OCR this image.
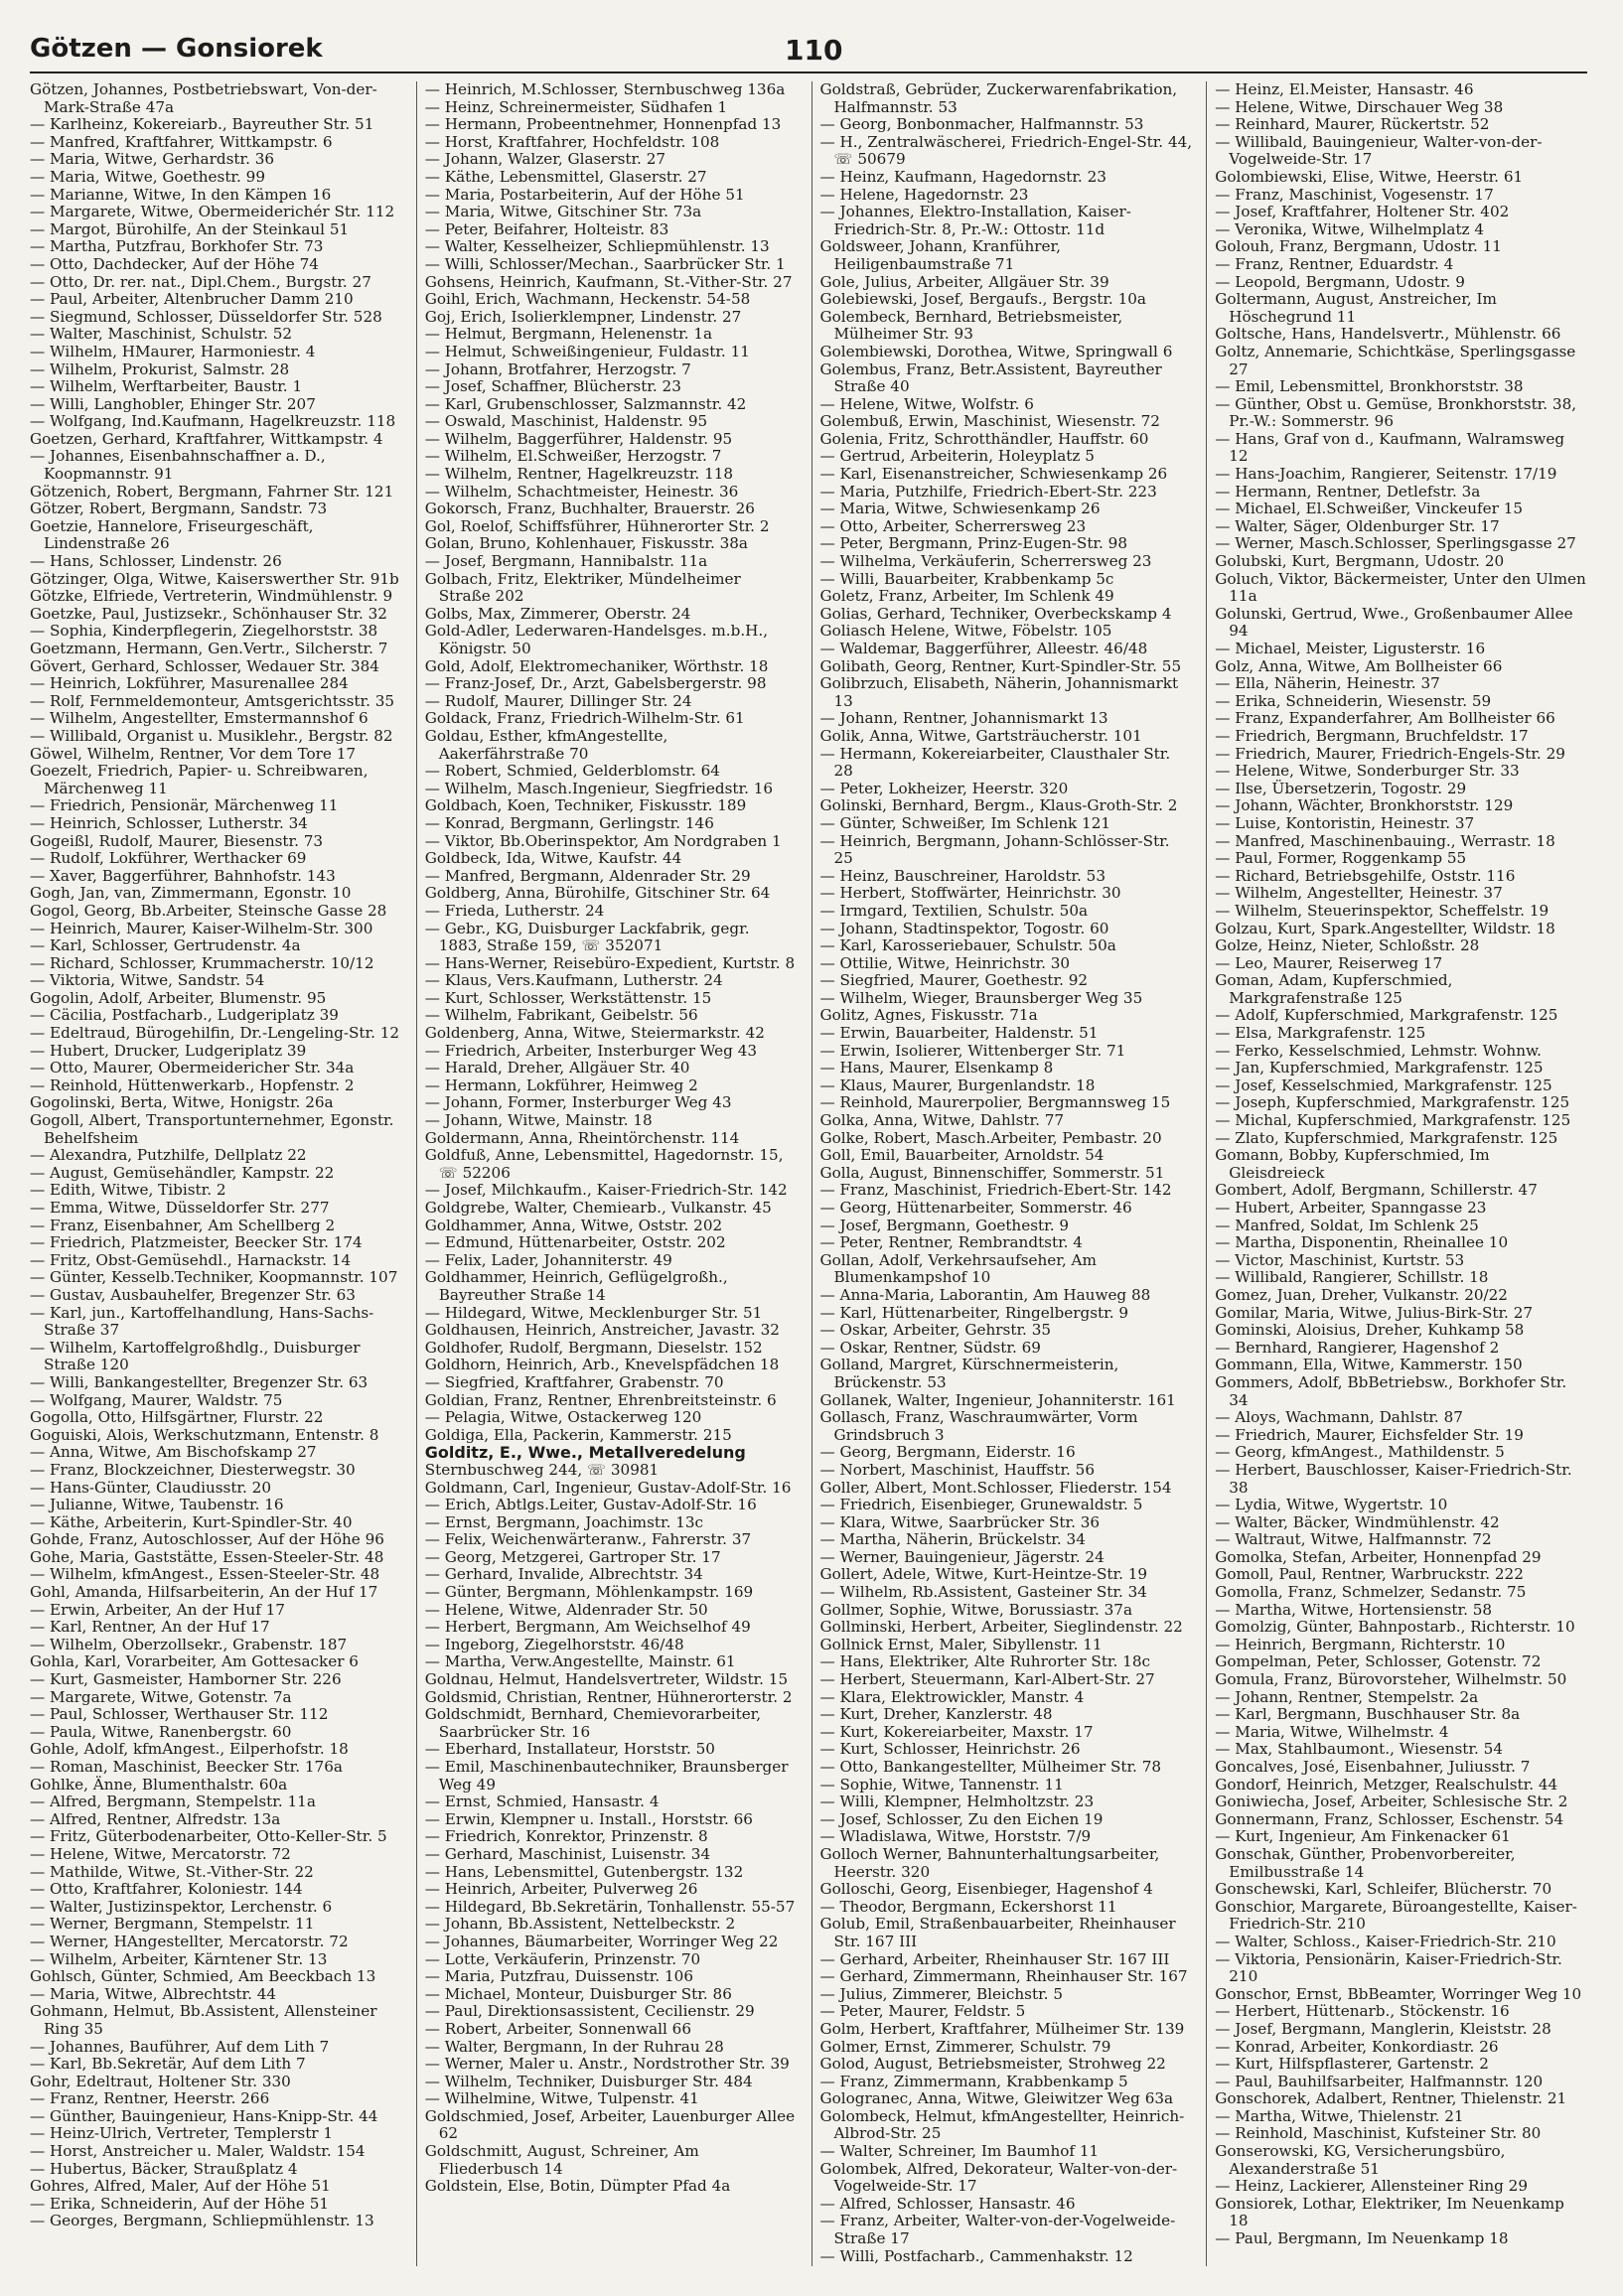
Götzen — Gonsiorek	110
Götzen, Johannes, Postbetriebswart, Von-der-Mark-Straße 47a
— Karlheinz, Kokereiarb., Bayreuther Str. 51
— Manfred, Kraftfahrer, Wittkampstr. 6
— Maria, Witwe, Gerhardstr. 36
— Maria, Witwe, Goethestr. 99
— Marianne, Witwe, In den Kämpen 16
— Margarete, Witwe, Obermeiderichér Str. 112
— Margot, Bürohilfe, An der Steinkaul 51
— Martha, Putzfrau, Borkhofer Str. 73
— Otto, Dachdecker, Auf der Höhe 74
— Otto, Dr. rer. nat., Dipl.Chem., Burgstr. 27
— Paul, Arbeiter, Altenbrucher Damm 210
— Siegmund, Schlosser, Düsseldorfer Str. 528
— Walter, Maschinist, Schulstr. 52
— Wilhelm, HMaurer, Harmoniestr. 4
— Wilhelm, Prokurist, Salmstr. 28
— Wilhelm, Werftarbeiter, Baustr. 1
— Willi, Langhobler, Ehinger Str. 207
— Wolfgang, Ind.Kaufmann, Hagelkreuzstr. 118
Goetzen, Gerhard, Kraftfahrer, Wittkampstr. 4
— Johannes, Eisenbahnschaffner a. D., Koopmannstr. 91
Götzenich, Robert, Bergmann, Fahrner Str. 121
Götzer, Robert, Bergmann, Sandstr. 73
Goetzie, Hannelore, Friseurgeschäft, Lindenstraße 26
— Hans, Schlosser, Lindenstr. 26
Götzinger, Olga, Witwe, Kaiserswerther Str. 91b
Götzke, Elfriede, Vertreterin, Windmühlenstr. 9
Goetzke, Paul, Justizsekr., Schönhauser Str. 32
— Sophia, Kinderpflegerin, Ziegelhorststr. 38
Goetzmann, Hermann, Gen.Vertr., Silcherstr. 7
Gövert, Gerhard, Schlosser, Wedauer Str. 384
— Heinrich, Lokführer, Masurenallee 284
— Rolf, Fernmeldemonteur, Amtsgerichtsstr. 35
— Wilhelm, Angestellter, Emstermannshof 6
— Willibald, Organist u. Musiklehr., Bergstr. 82
Göwel, Wilhelm, Rentner, Vor dem Tore 17
Goezelt, Friedrich, Papier- u. Schreibwaren, Märchenweg 11
— Friedrich, Pensionär, Märchenweg 11
— Heinrich, Schlosser, Lutherstr. 34
Gogeißl, Rudolf, Maurer, Biesenstr. 73
— Rudolf, Lokführer, Werthacker 69
— Xaver, Baggerführer, Bahnhofstr. 143
Gogh, Jan, van, Zimmermann, Egonstr. 10
Gogol, Georg, Bb.Arbeiter, Steinsche Gasse 28
— Heinrich, Maurer, Kaiser-Wilhelm-Str. 300
— Karl, Schlosser, Gertrudenstr. 4a
— Richard, Schlosser, Krummacherstr. 10/12
— Viktoria, Witwe, Sandstr. 54
Gogolin, Adolf, Arbeiter, Blumenstr. 95
— Cäcilia, Postfacharb., Ludgeriplatz 39
— Edeltraud, Bürogehilfin, Dr.-Lengeling-Str. 12
— Hubert, Drucker, Ludgeriplatz 39
— Otto, Maurer, Obermeidericher Str. 34a
— Reinhold, Hüttenwerkarb., Hopfenstr. 2
Gogolinski, Berta, Witwe, Honigstr. 26a
Gogoll, Albert, Transportunternehmer, Egonstr. Behelfsheim
— Alexandra, Putzhilfe, Dellplatz 22
— August, Gemüsehändler, Kampstr. 22
— Edith, Witwe, Tibistr. 2
— Emma, Witwe, Düsseldorfer Str. 277
— Franz, Eisenbahner, Am Schellberg 2
— Friedrich, Platzmeister, Beecker Str. 174
— Fritz, Obst-Gemüsehdl., Harnackstr. 14
— Günter, Kesselb.Techniker, Koopmannstr. 107
— Gustav, Ausbauhelfer, Bregenzer Str. 63
— Karl, jun., Kartoffelhandlung, Hans-Sachs-Straße 37
— Wilhelm, Kartoffelgroßhdlg., Duisburger Straße 120
— Willi, Bankangestellter, Bregenzer Str. 63
— Wolfgang, Maurer, Waldstr. 75
Gogolla, Otto, Hilfsgärtner, Flurstr. 22
Goguiski, Alois, Werkschutzmann, Entenstr. 8
— Anna, Witwe, Am Bischofskamp 27
— Franz, Blockzeichner, Diesterwegstr. 30
— Hans-Günter, Claudiusstr. 20
— Julianne, Witwe, Taubenstr. 16
— Käthe, Arbeiterin, Kurt-Spindler-Str. 40
Gohde, Franz, Autoschlosser, Auf der Höhe 96
Gohe, Maria, Gaststätte, Essen-Steeler-Str. 48
— Wilhelm, kfmAngest., Essen-Steeler-Str. 48
Gohl, Amanda, Hilfsarbeiterin, An der Huf 17
— Erwin, Arbeiter, An der Huf 17
— Karl, Rentner, An der Huf 17
— Wilhelm, Oberzollsekr., Grabenstr. 187
Gohla, Karl, Vorarbeiter, Am Gottesacker 6
— Kurt, Gasmeister, Hamborner Str. 226
— Margarete, Witwe, Gotenstr. 7a
— Paul, Schlosser, Werthauser Str. 112
— Paula, Witwe, Ranenbergstr. 60
Gohle, Adolf, kfmAngest., Eilperhofstr. 18
— Roman, Maschinist, Beecker Str. 176a
Gohlke, Änne, Blumenthalstr. 60a
— Alfred, Bergmann, Stempelstr. 11a
— Alfred, Rentner, Alfredstr. 13a
— Fritz, Güterbodenarbeiter, Otto-Keller-Str. 5
— Helene, Witwe, Mercatorstr. 72
— Mathilde, Witwe, St.-Vither-Str. 22
— Otto, Kraftfahrer, Koloniestr. 144
— Walter, Justizinspektor, Lerchenstr. 6
— Werner, Bergmann, Stempelstr. 11
— Werner, HAngestellter, Mercatorstr. 72
— Wilhelm, Arbeiter, Kärntener Str. 13
Gohlsch, Günter, Schmied, Am Beeckbach 13
— Maria, Witwe, Albrechtstr. 44
Gohmann, Helmut, Bb.Assistent, Allensteiner Ring 35
— Johannes, Bauführer, Auf dem Lith 7
— Karl, Bb.Sekretär, Auf dem Lith 7
Gohr, Edeltraut, Holtener Str. 330
— Franz, Rentner, Heerstr. 266
— Günther, Bauingenieur, Hans-Knipp-Str. 44
— Heinz-Ulrich, Vertreter, Templerstr 1
— Horst, Anstreicher u. Maler, Waldstr. 154
— Hubertus, Bäcker, Straußplatz 4
Gohres, Alfred, Maler, Auf der Höhe 51
— Erika, Schneiderin, Auf der Höhe 51
— Georges, Bergmann, Schliepmühlenstr. 13
— Heinrich, M.Schlosser, Sternbuschweg 136a
— Heinz, Schreinermeister, Südhafen 1
— Hermann, Probeentnehmer, Honnenpfad 13
— Horst, Kraftfahrer, Hochfeldstr. 108
— Johann, Walzer, Glaserstr. 27
— Käthe, Lebensmittel, Glaserstr. 27
— Maria, Postarbeiterin, Auf der Höhe 51
— Maria, Witwe, Gitschiner Str. 73a
— Peter, Beifahrer, Holteistr. 83
— Walter, Kesselheizer, Schliepmühlenstr. 13
— Willi, Schlosser/Mechan., Saarbrücker Str. 1
Gohsens, Heinrich, Kaufmann, St.-Vither-Str. 27
Goihl, Erich, Wachmann, Heckenstr. 54-58
Goj, Erich, Isolierklempner, Lindenstr. 27
— Helmut, Bergmann, Helenenstr. 1a
— Helmut, Schweißingenieur, Fuldastr. 11
— Johann, Brotfahrer, Herzogstr. 7
— Josef, Schaffner, Blücherstr. 23
— Karl, Grubenschlosser, Salzmannstr. 42
— Oswald, Maschinist, Haldenstr. 95
— Wilhelm, Baggerführer, Haldenstr. 95
— Wilhelm, El.Schweißer, Herzogstr. 7
— Wilhelm, Rentner, Hagelkreuzstr. 118
— Wilhelm, Schachtmeister, Heinestr. 36
Gokorsch, Franz, Buchhalter, Brauerstr. 26
Gol, Roelof, Schiffsführer, Hühnerorter Str. 2
Golan, Bruno, Kohlenhauer, Fiskusstr. 38a
— Josef, Bergmann, Hannibalstr. 11a
Golbach, Fritz, Elektriker, Mündelheimer Straße 202
Golbs, Max, Zimmerer, Oberstr. 24
Gold-Adler, Lederwaren-Handelsges. m.b.H., Königstr. 50
Gold, Adolf, Elektromechaniker, Wörthstr. 18
— Franz-Josef, Dr., Arzt, Gabelsbergerstr. 98
— Rudolf, Maurer, Dillinger Str. 24
Goldack, Franz, Friedrich-Wilhelm-Str. 61
Goldau, Esther, kfmAngestellte, Aakerfährstraße 70
— Robert, Schmied, Gelderblomstr. 64
— Wilhelm, Masch.Ingenieur, Siegfriedstr. 16
Goldbach, Koen, Techniker, Fiskusstr. 189
— Konrad, Bergmann, Gerlingstr. 146
— Viktor, Bb.Oberinspektor, Am Nordgraben 1
Goldbeck, Ida, Witwe, Kaufstr. 44
— Manfred, Bergmann, Aldenrader Str. 29
Goldberg, Anna, Bürohilfe, Gitschiner Str. 64
— Frieda, Lutherstr. 24
— Gebr., KG, Duisburger Lackfabrik, gegr. 1883, Straße 159, ☏ 352071
— Hans-Werner, Reisebüro-Expedient, Kurtstr. 8
— Klaus, Vers.Kaufmann, Lutherstr. 24
— Kurt, Schlosser, Werkstättenstr. 15
— Wilhelm, Fabrikant, Geibelstr. 56
Goldenberg, Anna, Witwe, Steiermarkstr. 42
— Friedrich, Arbeiter, Insterburger Weg 43
— Harald, Dreher, Allgäuer Str. 40
— Hermann, Lokführer, Heimweg 2
— Johann, Former, Insterburger Weg 43
— Johann, Witwe, Mainstr. 18
Goldermann, Anna, Rheintörchenstr. 114
Goldfuß, Anne, Lebensmittel, Hagedornstr. 15, ☏ 52206
— Josef, Milchkaufm., Kaiser-Friedrich-Str. 142
Goldgrebe, Walter, Chemiearb., Vulkanstr. 45
Goldhammer, Anna, Witwe, Oststr. 202
— Edmund, Hüttenarbeiter, Oststr. 202
— Felix, Lader, Johanniterstr. 49
Goldhammer, Heinrich, Geflügelgroßh., Bayreuther Straße 14
— Hildegard, Witwe, Mecklenburger Str. 51
Goldhausen, Heinrich, Anstreicher, Javastr. 32
Goldhofer, Rudolf, Bergmann, Dieselstr. 152
Goldhorn, Heinrich, Arb., Knevelspfädchen 18
— Siegfried, Kraftfahrer, Grabenstr. 70
Goldian, Franz, Rentner, Ehrenbreitsteinstr. 6
— Pelagia, Witwe, Ostackerweg 120
Goldiga, Ella, Packerin, Kammerstr. 215
Golditz, E., Wwe., Metallveredelung
Sternbuschweg 244, ☏ 30981
Goldmann, Carl, Ingenieur, Gustav-Adolf-Str. 16
— Erich, Abtlgs.Leiter, Gustav-Adolf-Str. 16
— Ernst, Bergmann, Joachimstr. 13c
— Felix, Weichenwärteranw., Fahrerstr. 37
— Georg, Metzgerei, Gartroper Str. 17
— Gerhard, Invalide, Albrechtstr. 34
— Günter, Bergmann, Möhlenkampstr. 169
— Helene, Witwe, Aldenrader Str. 50
— Herbert, Bergmann, Am Weichselhof 49
— Ingeborg, Ziegelhorststr. 46/48
— Martha, Verw.Angestellte, Mainstr. 61
Goldnau, Helmut, Handelsvertreter, Wildstr. 15
Goldsmid, Christian, Rentner, Hühnerorterstr. 2
Goldschmidt, Bernhard, Chemievorarbeiter, Saarbrücker Str. 16
— Eberhard, Installateur, Horststr. 50
— Emil, Maschinenbautechniker, Braunsberger Weg 49
— Ernst, Schmied, Hansastr. 4
— Erwin, Klempner u. Install., Horststr. 66
— Friedrich, Konrektor, Prinzenstr. 8
— Gerhard, Maschinist, Luisenstr. 34
— Hans, Lebensmittel, Gutenbergstr. 132
— Heinrich, Arbeiter, Pulverweg 26
— Hildegard, Bb.Sekretärin, Tonhallenstr. 55-57
— Johann, Bb.Assistent, Nettelbeckstr. 2
— Johannes, Bäumarbeiter, Worringer Weg 22
— Lotte, Verkäuferin, Prinzenstr. 70
— Maria, Putzfrau, Duissenstr. 106
— Michael, Monteur, Duisburger Str. 86
— Paul, Direktionsassistent, Cecilienstr. 29
— Robert, Arbeiter, Sonnenwall 66
— Walter, Bergmann, In der Ruhrau 28
— Werner, Maler u. Anstr., Nordstrother Str. 39
— Wilhelm, Techniker, Duisburger Str. 484
— Wilhelmine, Witwe, Tulpenstr. 41
Goldschmied, Josef, Arbeiter, Lauenburger Allee 62
Goldschmitt, August, Schreiner, Am Fliederbusch 14
Goldstein, Else, Botin, Dümpter Pfad 4a
Goldstraß, Gebrüder, Zuckerwarenfabrikation, Halfmannstr. 53
— Georg, Bonbonmacher, Halfmannstr. 53
— H., Zentralwäscherei, Friedrich-Engel-Str. 44, ☏ 50679
— Heinz, Kaufmann, Hagedornstr. 23
— Helene, Hagedornstr. 23
— Johannes, Elektro-Installation, Kaiser-Friedrich-Str. 8, Pr.-W.: Ottostr. 11d
Goldsweer, Johann, Kranführer, Heiligenbaumstraße 71
Gole, Julius, Arbeiter, Allgäuer Str. 39
Golebiewski, Josef, Bergaufs., Bergstr. 10a
Golembeck, Bernhard, Betriebsmeister, Mülheimer Str. 93
Golembiewski, Dorothea, Witwe, Springwall 6
Golembus, Franz, Betr.Assistent, Bayreuther Straße 40
— Helene, Witwe, Wolfstr. 6
Golembuß, Erwin, Maschinist, Wiesenstr. 72
Golenia, Fritz, Schrotthändler, Hauffstr. 60
— Gertrud, Arbeiterin, Holeyplatz 5
— Karl, Eisenanstreicher, Schwiesenkamp 26
— Maria, Putzhilfe, Friedrich-Ebert-Str. 223
— Maria, Witwe, Schwiesenkamp 26
— Otto, Arbeiter, Scherrersweg 23
— Peter, Bergmann, Prinz-Eugen-Str. 98
— Wilhelma, Verkäuferin, Scherrersweg 23
— Willi, Bauarbeiter, Krabbenkamp 5c
Goletz, Franz, Arbeiter, Im Schlenk 49
Golias, Gerhard, Techniker, Overbeckskamp 4
Goliasch Helene, Witwe, Föbelstr. 105
— Waldemar, Baggerführer, Alleestr. 46/48
Golibath, Georg, Rentner, Kurt-Spindler-Str. 55
Golibrzuch, Elisabeth, Näherin, Johannismarkt 13
— Johann, Rentner, Johannismarkt 13
Golik, Anna, Witwe, Gartsträucherstr. 101
— Hermann, Kokereiarbeiter, Clausthaler Str. 28
— Peter, Lokheizer, Heerstr. 320
Golinski, Bernhard, Bergm., Klaus-Groth-Str. 2
— Günter, Schweißer, Im Schlenk 121
— Heinrich, Bergmann, Johann-Schlösser-Str. 25
— Heinz, Bauschreiner, Haroldstr. 53
— Herbert, Stoffwärter, Heinrichstr. 30
— Irmgard, Textilien, Schulstr. 50a
— Johann, Stadtinspektor, Togostr. 60
— Karl, Karosseriebauer, Schulstr. 50a
— Ottilie, Witwe, Heinrichstr. 30
— Siegfried, Maurer, Goethestr. 92
— Wilhelm, Wieger, Braunsberger Weg 35
Golitz, Agnes, Fiskusstr. 71a
— Erwin, Bauarbeiter, Haldenstr. 51
— Erwin, Isolierer, Wittenberger Str. 71
— Hans, Maurer, Elsenkamp 8
— Klaus, Maurer, Burgenlandstr. 18
— Reinhold, Maurerpolier, Bergmannsweg 15
Golka, Anna, Witwe, Dahlstr. 77
Golke, Robert, Masch.Arbeiter, Pembastr. 20
Goll, Emil, Bauarbeiter, Arnoldstr. 54
Golla, August, Binnenschiffer, Sommerstr. 51
— Franz, Maschinist, Friedrich-Ebert-Str. 142
— Georg, Hüttenarbeiter, Sommerstr. 46
— Josef, Bergmann, Goethestr. 9
— Peter, Rentner, Rembrandtstr. 4
Gollan, Adolf, Verkehrsaufseher, Am Blumenkampshof 10
— Anna-Maria, Laborantin, Am Hauweg 88
— Karl, Hüttenarbeiter, Ringelbergstr. 9
— Oskar, Arbeiter, Gehrstr. 35
— Oskar, Rentner, Südstr. 69
Golland, Margret, Kürschnermeisterin, Brückenstr. 53
Gollanek, Walter, Ingenieur, Johanniterstr. 161
Gollasch, Franz, Waschraumwärter, Vorm Grindsbruch 3
— Georg, Bergmann, Eiderstr. 16
— Norbert, Maschinist, Hauffstr. 56
Goller, Albert, Mont.Schlosser, Fliederstr. 154
— Friedrich, Eisenbieger, Grunewaldstr. 5
— Klara, Witwe, Saarbrücker Str. 36
— Martha, Näherin, Brückelstr. 34
— Werner, Bauingenieur, Jägerstr. 24
Gollert, Adele, Witwe, Kurt-Heintze-Str. 19
— Wilhelm, Rb.Assistent, Gasteiner Str. 34
Gollmer, Sophie, Witwe, Borussiastr. 37a
Gollminski, Herbert, Arbeiter, Sieglindenstr. 22
Gollnick Ernst, Maler, Sibyllenstr. 11
— Hans, Elektriker, Alte Ruhrorter Str. 18c
— Herbert, Steuermann, Karl-Albert-Str. 27
— Klara, Elektrowickler, Manstr. 4
— Kurt, Dreher, Kanzlerstr. 48
— Kurt, Kokereiarbeiter, Maxstr. 17
— Kurt, Schlosser, Heinrichstr. 26
— Otto, Bankangestellter, Mülheimer Str. 78
— Sophie, Witwe, Tannenstr. 11
— Willi, Klempner, Helmholtzstr. 23
— Josef, Schlosser, Zu den Eichen 19
— Wladislawa, Witwe, Horststr. 7/9
Golloch Werner, Bahnunterhaltungsarbeiter, Heerstr. 320
Golloschi, Georg, Eisenbieger, Hagenshof 4
— Theodor, Bergmann, Eckershorst 11
Golub, Emil, Straßenbauarbeiter, Rheinhauser Str. 167 III
— Gerhard, Arbeiter, Rheinhauser Str. 167 III
— Gerhard, Zimmermann, Rheinhauser Str. 167
— Julius, Zimmerer, Bleichstr. 5
— Peter, Maurer, Feldstr. 5
Golm, Herbert, Kraftfahrer, Mülheimer Str. 139
Golmer, Ernst, Zimmerer, Schulstr. 79
Golod, August, Betriebsmeister, Strohweg 22
— Franz, Zimmermann, Krabbenkamp 5
Gologranec, Anna, Witwe, Gleiwitzer Weg 63a
Golombeck, Helmut, kfmAngestellter, Heinrich-Albrod-Str. 25
— Walter, Schreiner, Im Baumhof 11
Golombek, Alfred, Dekorateur, Walter-von-der-Vogelweide-Str. 17
— Alfred, Schlosser, Hansastr. 46
— Franz, Arbeiter, Walter-von-der-Vogelweide-Straße 17
— Willi, Postfacharb., Cammenhakstr. 12
— Heinz, El.Meister, Hansastr. 46
— Helene, Witwe, Dirschauer Weg 38
— Reinhard, Maurer, Rückertstr. 52
— Willibald, Bauingenieur, Walter-von-der-Vogelweide-Str. 17
Golombiewski, Elise, Witwe, Heerstr. 61
— Franz, Maschinist, Vogesenstr. 17
— Josef, Kraftfahrer, Holtener Str. 402
— Veronika, Witwe, Wilhelmplatz 4
Golouh, Franz, Bergmann, Udostr. 11
— Franz, Rentner, Eduardstr. 4
— Leopold, Bergmann, Udostr. 9
Goltermann, August, Anstreicher, Im Höschegrund 11
Goltsche, Hans, Handelsvertr., Mühlenstr. 66
Goltz, Annemarie, Schichtkäse, Sperlingsgasse 27
— Emil, Lebensmittel, Bronkhorststr. 38
— Günther, Obst u. Gemüse, Bronkhorststr. 38, Pr.-W.: Sommerstr. 96
— Hans, Graf von d., Kaufmann, Walramsweg 12
— Hans-Joachim, Rangierer, Seitenstr. 17/19
— Hermann, Rentner, Detlefstr. 3a
— Michael, El.Schweißer, Vinckeufer 15
— Walter, Säger, Oldenburger Str. 17
— Werner, Masch.Schlosser, Sperlingsgasse 27
Golubski, Kurt, Bergmann, Udostr. 20
Goluch, Viktor, Bäckermeister, Unter den Ulmen 11a
Golunski, Gertrud, Wwe., Großenbaumer Allee 94
— Michael, Meister, Ligusterstr. 16
Golz, Anna, Witwe, Am Bollheister 66
— Ella, Näherin, Heinestr. 37
— Erika, Schneiderin, Wiesenstr. 59
— Franz, Expanderfahrer, Am Bollheister 66
— Friedrich, Bergmann, Bruchfeldstr. 17
— Friedrich, Maurer, Friedrich-Engels-Str. 29
— Helene, Witwe, Sonderburger Str. 33
— Ilse, Übersetzerin, Togostr. 29
— Johann, Wächter, Bronkhorststr. 129
— Luise, Kontoristin, Heinestr. 37
— Manfred, Maschinenbauing., Werrastr. 18
— Paul, Former, Roggenkamp 55
— Richard, Betriebsgehilfe, Oststr. 116
— Wilhelm, Angestellter, Heinestr. 37
— Wilhelm, Steuerinspektor, Scheffelstr. 19
Golzau, Kurt, Spark.Angestellter, Wildstr. 18
Golze, Heinz, Nieter, Schloßstr. 28
— Leo, Maurer, Reiserweg 17
Goman, Adam, Kupferschmied, Markgrafenstraße 125
— Adolf, Kupferschmied, Markgrafenstr. 125
— Elsa, Markgrafenstr. 125
— Ferko, Kesselschmied, Lehmstr. Wohnw.
— Jan, Kupferschmied, Markgrafenstr. 125
— Josef, Kesselschmied, Markgrafenstr. 125
— Joseph, Kupferschmied, Markgrafenstr. 125
— Michal, Kupferschmied, Markgrafenstr. 125
— Zlato, Kupferschmied, Markgrafenstr. 125
Gomann, Bobby, Kupferschmied, Im Gleisdreieck
Gombert, Adolf, Bergmann, Schillerstr. 47
— Hubert, Arbeiter, Spanngasse 23
— Manfred, Soldat, Im Schlenk 25
— Martha, Disponentin, Rheinallee 10
— Victor, Maschinist, Kurtstr. 53
— Willibald, Rangierer, Schillstr. 18
Gomez, Juan, Dreher, Vulkanstr. 20/22
Gomilar, Maria, Witwe, Julius-Birk-Str. 27
Gominski, Aloisius, Dreher, Kuhkamp 58
— Bernhard, Rangierer, Hagenshof 2
Gommann, Ella, Witwe, Kammerstr. 150
Gommers, Adolf, BbBetriebsw., Borkhofer Str. 34
— Aloys, Wachmann, Dahlstr. 87
— Friedrich, Maurer, Eichsfelder Str. 19
— Georg, kfmAngest., Mathildenstr. 5
— Herbert, Bauschlosser, Kaiser-Friedrich-Str. 38
— Lydia, Witwe, Wygertstr. 10
— Walter, Bäcker, Windmühlenstr. 42
— Waltraut, Witwe, Halfmannstr. 72
Gomolka, Stefan, Arbeiter, Honnenpfad 29
Gomoll, Paul, Rentner, Warbruckstr. 222
Gomolla, Franz, Schmelzer, Sedanstr. 75
— Martha, Witwe, Hortensienstr. 58
Gomolzig, Günter, Bahnpostarb., Richterstr. 10
— Heinrich, Bergmann, Richterstr. 10
Gompelman, Peter, Schlosser, Gotenstr. 72
Gomula, Franz, Bürovorsteher, Wilhelmstr. 50
— Johann, Rentner, Stempelstr. 2a
— Karl, Bergmann, Buschhauser Str. 8a
— Maria, Witwe, Wilhelmstr. 4
— Max, Stahlbaumont., Wiesenstr. 54
Goncalves, José, Eisenbahner, Juliusstr. 7
Gondorf, Heinrich, Metzger, Realschulstr. 44
Goniwiecha, Josef, Arbeiter, Schlesische Str. 2
Gonnermann, Franz, Schlosser, Eschenstr. 54
— Kurt, Ingenieur, Am Finkenacker 61
Gonschak, Günther, Probenvorbereiter, Emilbusstraße 14
Gonschewski, Karl, Schleifer, Blücherstr. 70
Gonschior, Margarete, Büroangestellte, Kaiser-Friedrich-Str. 210
— Walter, Schloss., Kaiser-Friedrich-Str. 210
— Viktoria, Pensionärin, Kaiser-Friedrich-Str. 210
Gonschor, Ernst, BbBeamter, Worringer Weg 10
— Herbert, Hüttenarb., Stöckenstr. 16
— Josef, Bergmann, Manglerin, Kleiststr. 28
— Konrad, Arbeiter, Konkordiastr. 26
— Kurt, Hilfspflasterer, Gartenstr. 2
— Paul, Bauhilfsarbeiter, Halfmannstr. 120
Gonschorek, Adalbert, Rentner, Thielenstr. 21
— Martha, Witwe, Thielenstr. 21
— Reinhold, Maschinist, Kufsteiner Str. 80
Gonserowski, KG, Versicherungsbüro, Alexanderstraße 51
— Heinz, Lackierer, Allensteiner Ring 29
Gonsiorek, Lothar, Elektriker, Im Neuenkamp 18
— Paul, Bergmann, Im Neuenkamp 18
